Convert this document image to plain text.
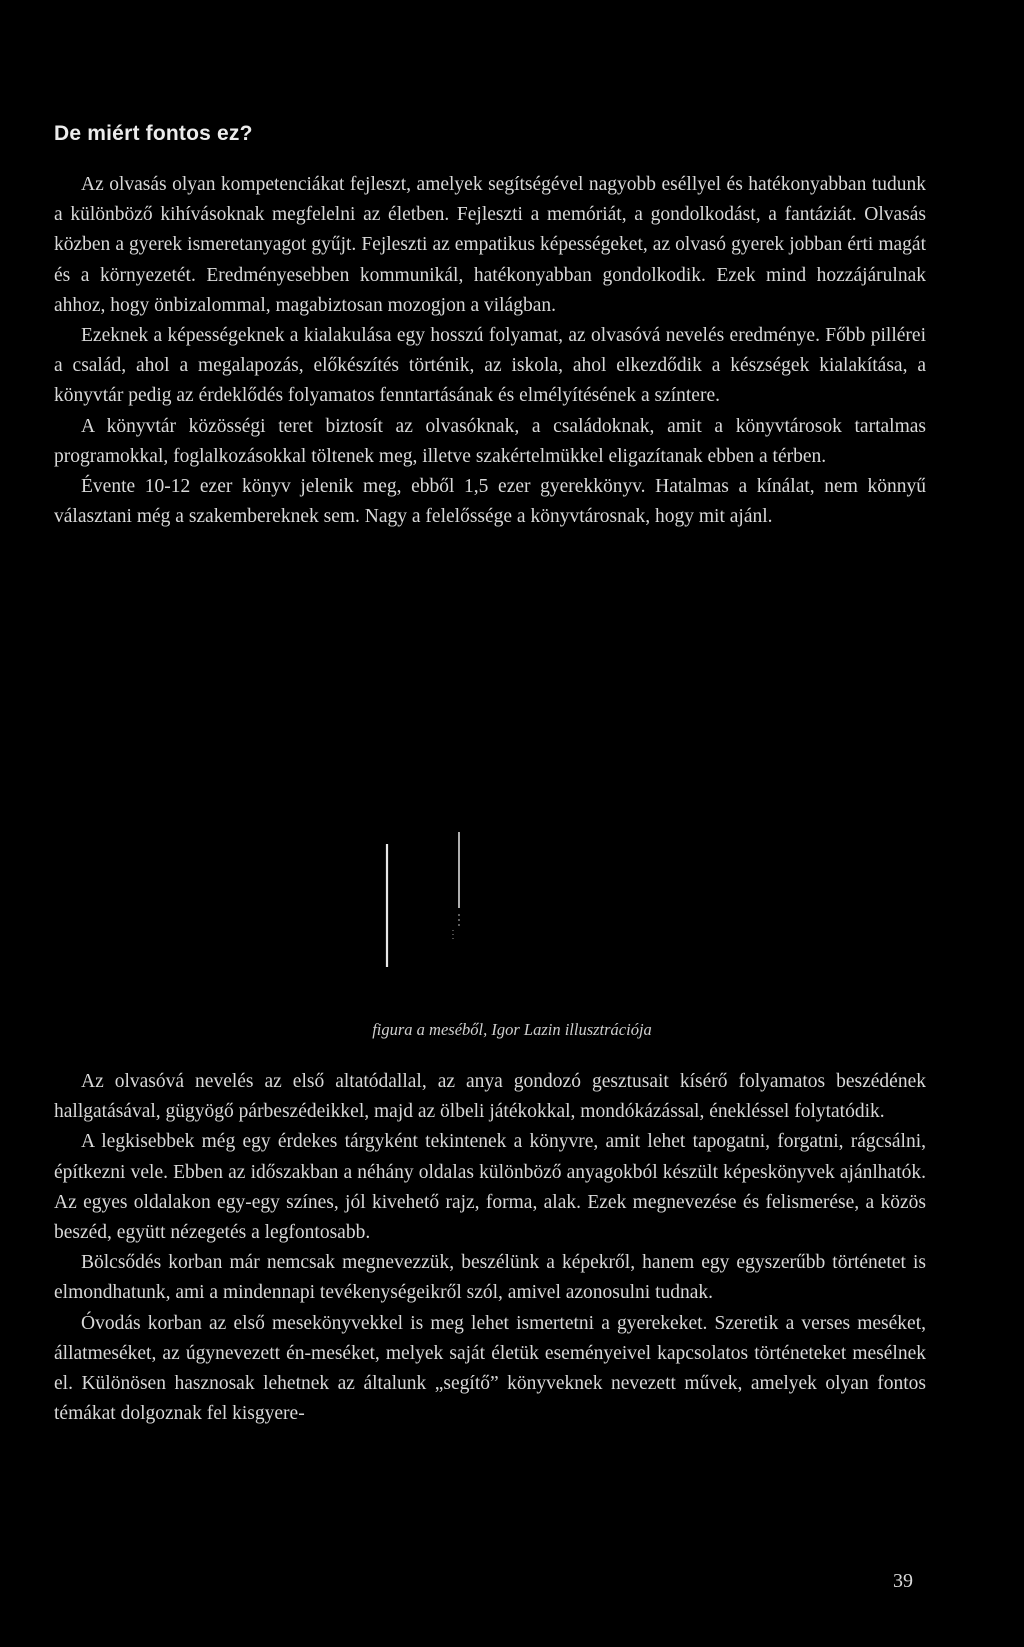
De miért fontos ez?

Az olvasás olyan kompetenciákat fejleszt, amelyek segítségével nagyobb eséllyel és hatékonyabban tudunk a különböző kihívásoknak megfelelni az életben. Fejleszti a memóriát, a gondolkodást, a fantáziát. Olvasás közben a gyerek ismeretanyagot gyűjt. Fejleszti az empatikus képességeket, az olvasó gyerek jobban érti magát és a környezetét. Eredményesebben kommunikál, hatékonyabban gondolkodik. Ezek mind hozzájárulnak ahhoz, hogy önbizalommal, magabiztosan mozogjon a világban.

Ezeknek a képességeknek a kialakulása egy hosszú folyamat, az olvasóvá nevelés eredménye. Főbb pillérei a család, ahol a megalapozás, előkészítés történik, az iskola, ahol elkezdődik a készségek kialakítása, a könyvtár pedig az érdeklődés folyamatos fenntartásának és elmélyítésének a színtere.

A könyvtár közösségi teret biztosít az olvasóknak, a családoknak, amit a könyvtárosok tartalmas programokkal, foglalkozásokkal töltenek meg, illetve szakértelmükkel eligazítanak ebben a térben.

Évente 10-12 ezer könyv jelenik meg, ebből 1,5 ezer gyerekkönyv. Hatalmas a kínálat, nem könnyű választani még a szakembereknek sem. Nagy a felelőssége a könyvtárosnak, hogy mit ajánl.

figura a meséből, Igor Lazin illusztrációja

Az olvasóvá nevelés az első altatódallal, az anya gondozó gesztusait kísérő folyamatos beszédének hallgatásával, gügyögő párbeszédeikkel, majd az ölbeli játékokkal, mondókázással, énekléssel folytatódik.

A legkisebbek még egy érdekes tárgyként tekintenek a könyvre, amit lehet tapogatni, forgatni, rágcsálni, építkezni vele. Ebben az időszakban a néhány oldalas különböző anyagokból készült képeskönyvek ajánlhatók. Az egyes oldalakon egy-egy színes, jól kivehető rajz, forma, alak. Ezek megnevezése és felismerése, a közös beszéd, együtt nézegetés a legfontosabb.

Bölcsődés korban már nemcsak megnevezzük, beszélünk a képekről, hanem egy egyszerűbb történetet is elmondhatunk, ami a mindennapi tevékenységeikről szól, amivel azonosulni tudnak.

Óvodás korban az első mesekönyvekkel is meg lehet ismertetni a gyerekeket. Szeretik a verses meséket, állatmeséket, az úgynevezett én-meséket, melyek saját életük eseményeivel kapcsolatos történeteket mesélnek el. Különösen hasznosak lehetnek az általunk „segítő” könyveknek nevezett művek, amelyek olyan fontos témákat dolgoznak fel kisgyere-

39
